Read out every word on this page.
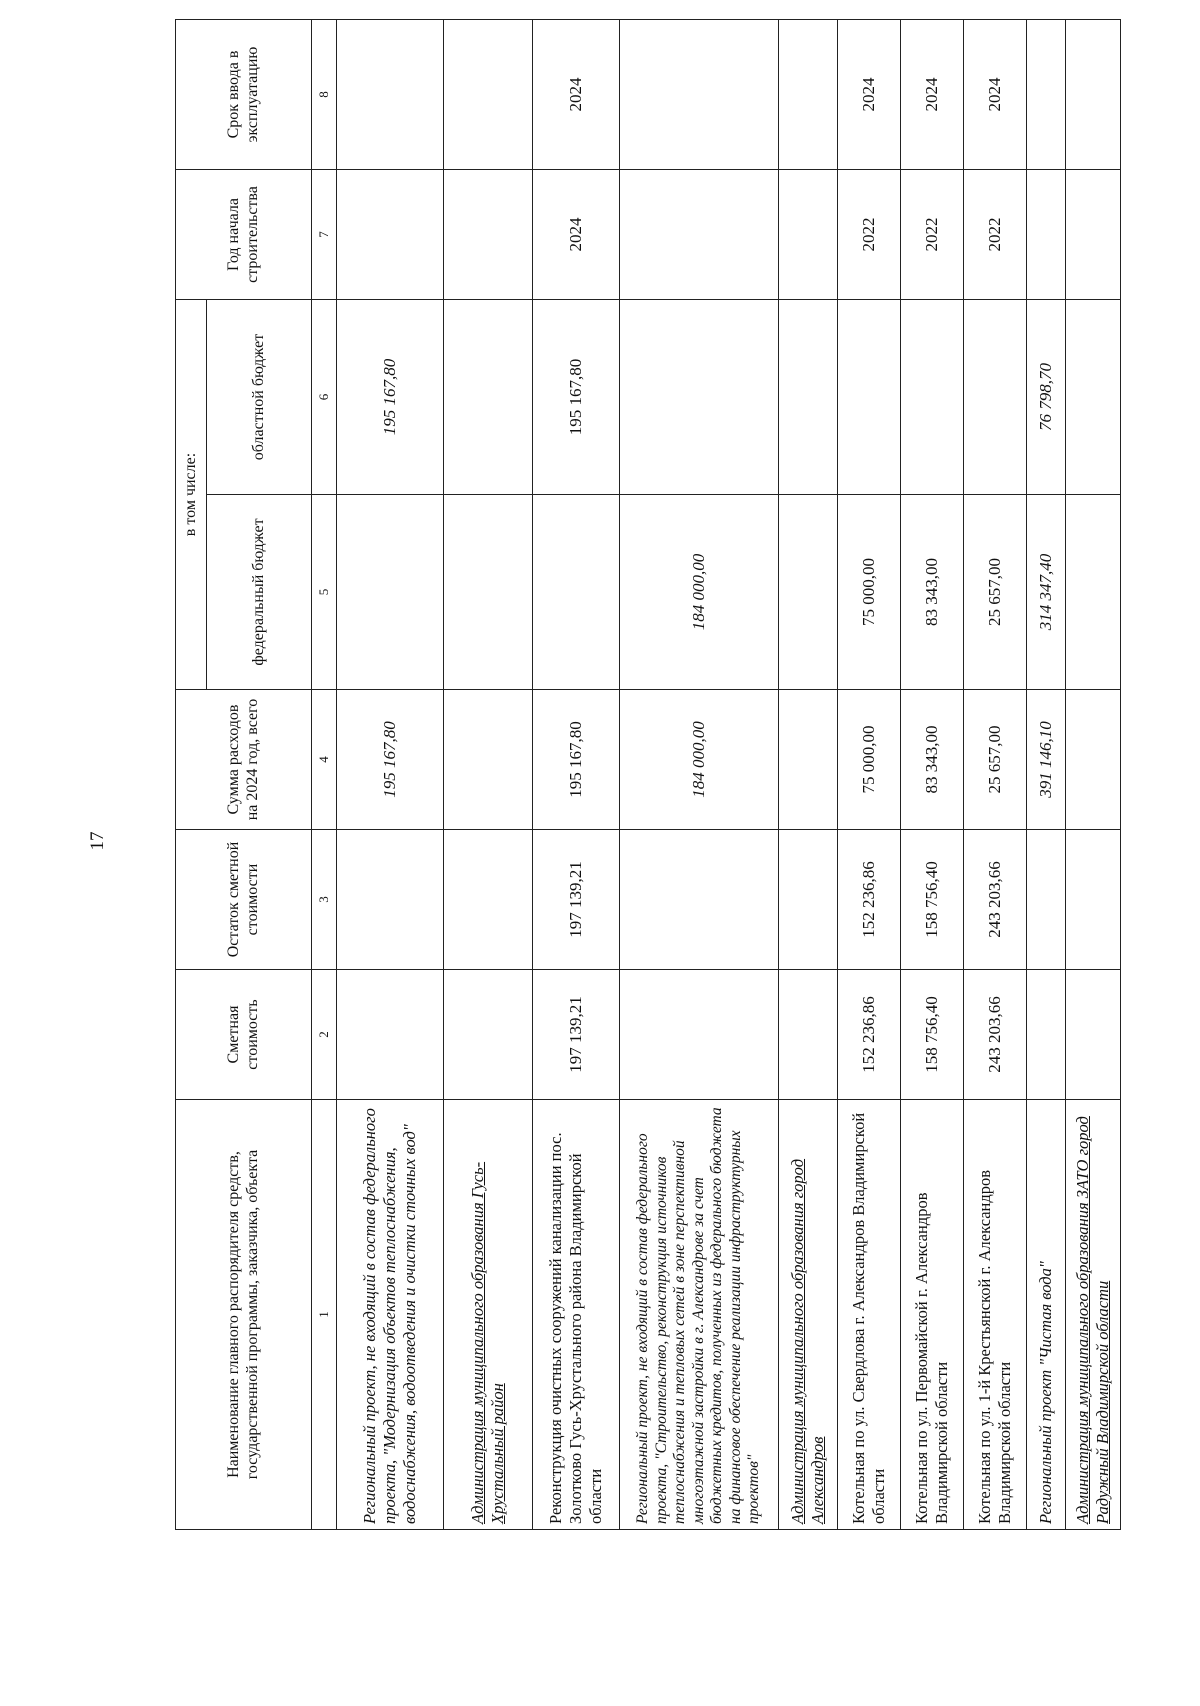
17
Наименование главного распорядителя средств, государственной программы, заказчика, объекта	Сметная стоимость	Остаток сметной стоимости	Сумма расходов на 2024 год, всего	в том числе:		Год начала строительства	Срок ввода в эксплуатацию
				федеральный бюджет	областной бюджет		
1	2	3	4	5	6	7	8
Региональный проект, не входящий в состав федерального проекта, "Модернизация объектов теплоснабжения, водоснабжения, водоотведения и очистки сточных вод"			195 167,80		195 167,80		
Администрация муниципального образования Гусь-Хрустальный район							
Реконструкция очистных сооружений канализации пос. Золотково Гусь-Хрустального района Владимирской области	197 139,21	197 139,21	195 167,80		195 167,80	2024	2024
Региональный проект, не входящий в состав федерального проекта, "Строительство, реконструкция источников теплоснабжения и тепловых сетей в зоне перспективной многоэтажной застройки в г. Александрове за счет бюджетных кредитов, полученных из федерального бюджета на финансовое обеспечение реализации инфраструктурных проектов"			184 000,00	184 000,00			
Администрация муниципального образования город Александров							
Котельная по ул. Свердлова г. Александров Владимирской области	152 236,86	152 236,86	75 000,00	75 000,00		2022	2024
Котельная по ул. Первомайской г. Александров Владимирской области	158 756,40	158 756,40	83 343,00	83 343,00		2022	2024
Котельная по ул. 1-й Крестьянской г. Александров Владимирской области	243 203,66	243 203,66	25 657,00	25 657,00		2022	2024
Региональный проект "Чистая вода"			391 146,10	314 347,40	76 798,70		
Администрация муниципального образования ЗАТО город Радужный Владимирской области							
